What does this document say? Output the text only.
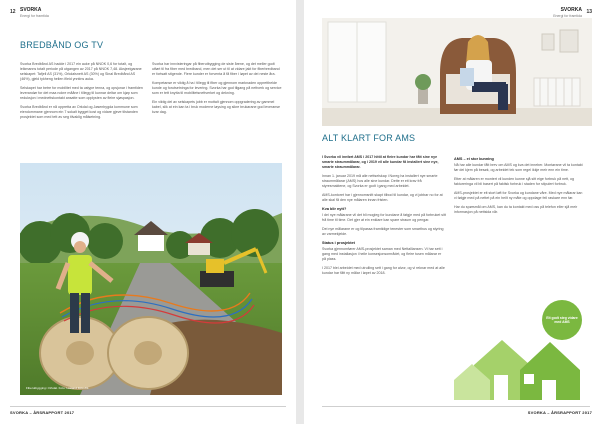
12 SVORKA
Energi for framtida
BREDBÅND OG TV

Svorka Bredbånd AS hadde i 2017 ein auke på NNOK 0,6 for totalt, og leikmanns totalt periode på utgangen av 2017 på NNOK 7,48. Aksjeeigarane selskapet: Tafjell AS (31%), Orkdalsnett AS (30%) og Sinal Bredbånd AS (46%), gjeld tykheng heilen ifleid ynntins auka.

Selskapet har betre for mobilitet med ta ustype tenna, og opsjonar i framtiden leverandør for det maa nokre mååne i tillegg til kunnar deltar om kjøp som reduksjon i mednettskontakt ansatte som opplysten av fleire sjøspasjon.

Svorka Bredbånd er nå oppretta av Orkdal og Jøsenbygda kommune som eiendommane gjennom ein 7 sokalt bygget kost og vidare gjeve tilstanden prosjektet som med tett av seg tilvaklig målsetning.

Svorka har innvisteringar på fiberutbygging de siste årene, og det meller godt utført til fra fiber med bredband, men det ser ut til at vidare jakt for fiberbredband er fortsatt stigende. Flere kunder er forventa å få fiber i løpet av dei neste åra.

Kompetanse er viktig å ha i tillegg til fiber og gjennom marknaden oppretthelde kunde og forutsetninga for levering. Svorka har god tilgang på nettverk og service som er tett knytta til mobilitetsnettverket og dekning.

Ein viktig del av selskapets jobb er mottalt gjennom oppgradering av gammel kabel, slik at ein kan ta i bruk moderne løysing og sikre brukarane god leveranse kvar dag.

Fiberutbygging i Orkdal. Foto: Lasland Foto AS
SVORKA – ÅRSRAPPORT 2017
SVORKA
Energi for framtida
13
ALT KLART FOR AMS

I Svorka vil innført AMS i 2017 hittil at fleire kundar har fått sine nye smarte straummålarar, og i 2019 vil alle kundar få installert sine nye, smarte straummålarar.

Innan 1. januar 2019 må alle nettselskap i Noreg ha installert nye smarte straummålarar (AMS) hos alle sine kundar. Dette er eit krav frå styresmaktene, og Svorka er godt i gang med arbeidet.

AMS-kontoret har i gjennomsnitt skapt tilbod til kundar, og vi jobbar no for at alle skal få den nye målaren innan fristen.

Kva blir nytt?

I dei nye målarane vil det bli mogleg for kundane å følgje med på forbruket sitt frå time til time. Det gjer at ein enklare kan spare straum og pengar.

Dei nye målarane er og tilpassa framtidige tenester som smarthus og styring av varmekjelde.

Status i prosjektet

Svorka gjennomfører AMS-prosjektet saman med Nettalliansen. Vi har sett i gang med installasjon i heile konsesjonsområdet, og fleire tusen målarar er på plass.

I 2017 blei arbeidet med utrulling sett i gang for alvor, og vi reknar med at alle kundar har fått ny målar i løpet av 2018.

AMS – ei stor kunning

Nå har alle kundar fått brev om AMS og kva det inneber. Montørane vil ta kontakt før dei kjem på besøk, og arbeidet tek som regel ikkje meir enn ein time.

Etter at målaren er montert vil kunden kunne sjå sitt eige forbruk på nett, og faktureringa vil bli basert på faktisk forbruk i staden for stipulert forbruk.

AMS-prosjektet er eit stort løft for Svorka og kundane våre. Med nye målarar kan vi følgje med på nettet på ein heilt ny måte og oppdage feil raskare enn før.

Har du spørsmål om AMS, kan du ta kontakt med oss på telefon eller sjå meir informasjon på nettsida vår.

Eit godt steg vidare med AMS
SVORKA – ÅRSRAPPORT 2017
